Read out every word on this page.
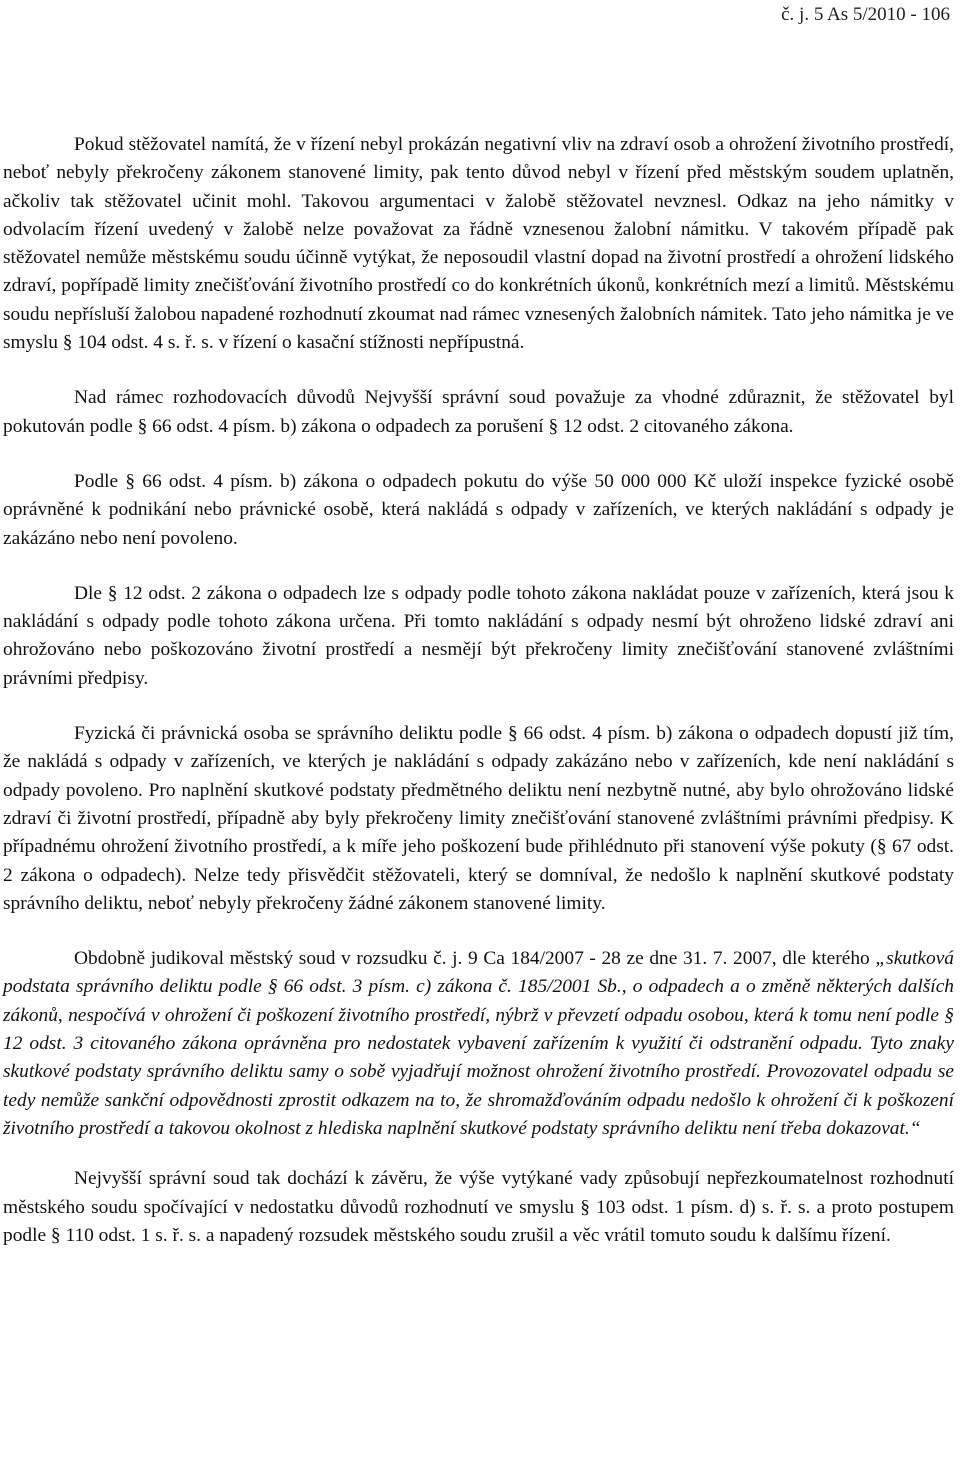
č. j. 5 As 5/2010 - 106

Pokud stěžovatel namítá, že v řízení nebyl prokázán negativní vliv na zdraví osob a ohrožení životního prostředí, neboť nebyly překročeny zákonem stanovené limity, pak tento důvod nebyl v řízení před městským soudem uplatněn, ačkoliv tak stěžovatel učinit mohl. Takovou argumentaci v žalobě stěžovatel nevznesl. Odkaz na jeho námitky v odvolacím řízení uvedený v žalobě nelze považovat za řádně vznesenou žalobní námitku. V takovém případě pak stěžovatel nemůže městskému soudu účinně vytýkat, že neposoudil vlastní dopad na životní prostředí a ohrožení lidského zdraví, popřípadě limity znečišťování životního prostředí co do konkrétních úkonů, konkrétních mezí a limitů. Městskému soudu nepřísluší žalobou napadené rozhodnutí zkoumat nad rámec vznesených žalobních námitek. Tato jeho námitka je ve smyslu § 104 odst. 4 s. ř. s. v řízení o kasační stížnosti nepřípustná.

Nad rámec rozhodovacích důvodů Nejvyšší správní soud považuje za vhodné zdůraznit, že stěžovatel byl pokutován podle § 66 odst. 4 písm. b) zákona o odpadech za porušení § 12 odst. 2 citovaného zákona.

Podle § 66 odst. 4 písm. b) zákona o odpadech pokutu do výše 50 000 000 Kč uloží inspekce fyzické osobě oprávněné k podnikání nebo právnické osobě, která nakládá s odpady v zařízeních, ve kterých nakládání s odpady je zakázáno nebo není povoleno.

Dle § 12 odst. 2 zákona o odpadech lze s odpady podle tohoto zákona nakládat pouze v zařízeních, která jsou k nakládání s odpady podle tohoto zákona určena. Při tomto nakládání s odpady nesmí být ohroženo lidské zdraví ani ohrožováno nebo poškozováno životní prostředí a nesmějí být překročeny limity znečišťování stanovené zvláštními právními předpisy.

Fyzická či právnická osoba se správního deliktu podle § 66 odst. 4 písm. b) zákona o odpadech dopustí již tím, že nakládá s odpady v zařízeních, ve kterých je nakládání s odpady zakázáno nebo v zařízeních, kde není nakládání s odpady povoleno. Pro naplnění skutkové podstaty předmětného deliktu není nezbytně nutné, aby bylo ohrožováno lidské zdraví či životní prostředí, případně aby byly překročeny limity znečišťování stanovené zvláštními právními předpisy. K případnému ohrožení životního prostředí, a k míře jeho poškození bude přihlédnuto při stanovení výše pokuty (§ 67 odst. 2 zákona o odpadech). Nelze tedy přisvědčit stěžovateli, který se domníval, že nedošlo k naplnění skutkové podstaty správního deliktu, neboť nebyly překročeny žádné zákonem stanovené limity.

Obdobně judikoval městský soud v rozsudku č. j. 9 Ca 184/2007 - 28 ze dne 31. 7. 2007, dle kterého „skutková podstata správního deliktu podle § 66 odst. 3 písm. c) zákona č. 185/2001 Sb., o odpadech a o změně některých dalších zákonů, nespočívá v ohrožení či poškození životního prostředí, nýbrž v převzetí odpadu osobou, která k tomu není podle § 12 odst. 3 citovaného zákona oprávněna pro nedostatek vybavení zařízením k využití či odstranění odpadu. Tyto znaky skutkové podstaty správního deliktu samy o sobě vyjadřují možnost ohrožení životního prostředí. Provozovatel odpadu se tedy nemůže sankční odpovědnosti zprostit odkazem na to, že shromažďováním odpadu nedošlo k ohrožení či k poškození životního prostředí a takovou okolnost z hlediska naplnění skutkové podstaty správního deliktu není třeba dokazovat.“

Nejvyšší správní soud tak dochází k závěru, že výše vytýkané vady způsobují nepřezkoumatelnost rozhodnutí městského soudu spočívající v nedostatku důvodů rozhodnutí ve smyslu § 103 odst. 1 písm. d) s. ř. s. a proto postupem podle § 110 odst. 1 s. ř. s. a napadený rozsudek městského soudu zrušil a věc vrátil tomuto soudu k dalšímu řízení.
